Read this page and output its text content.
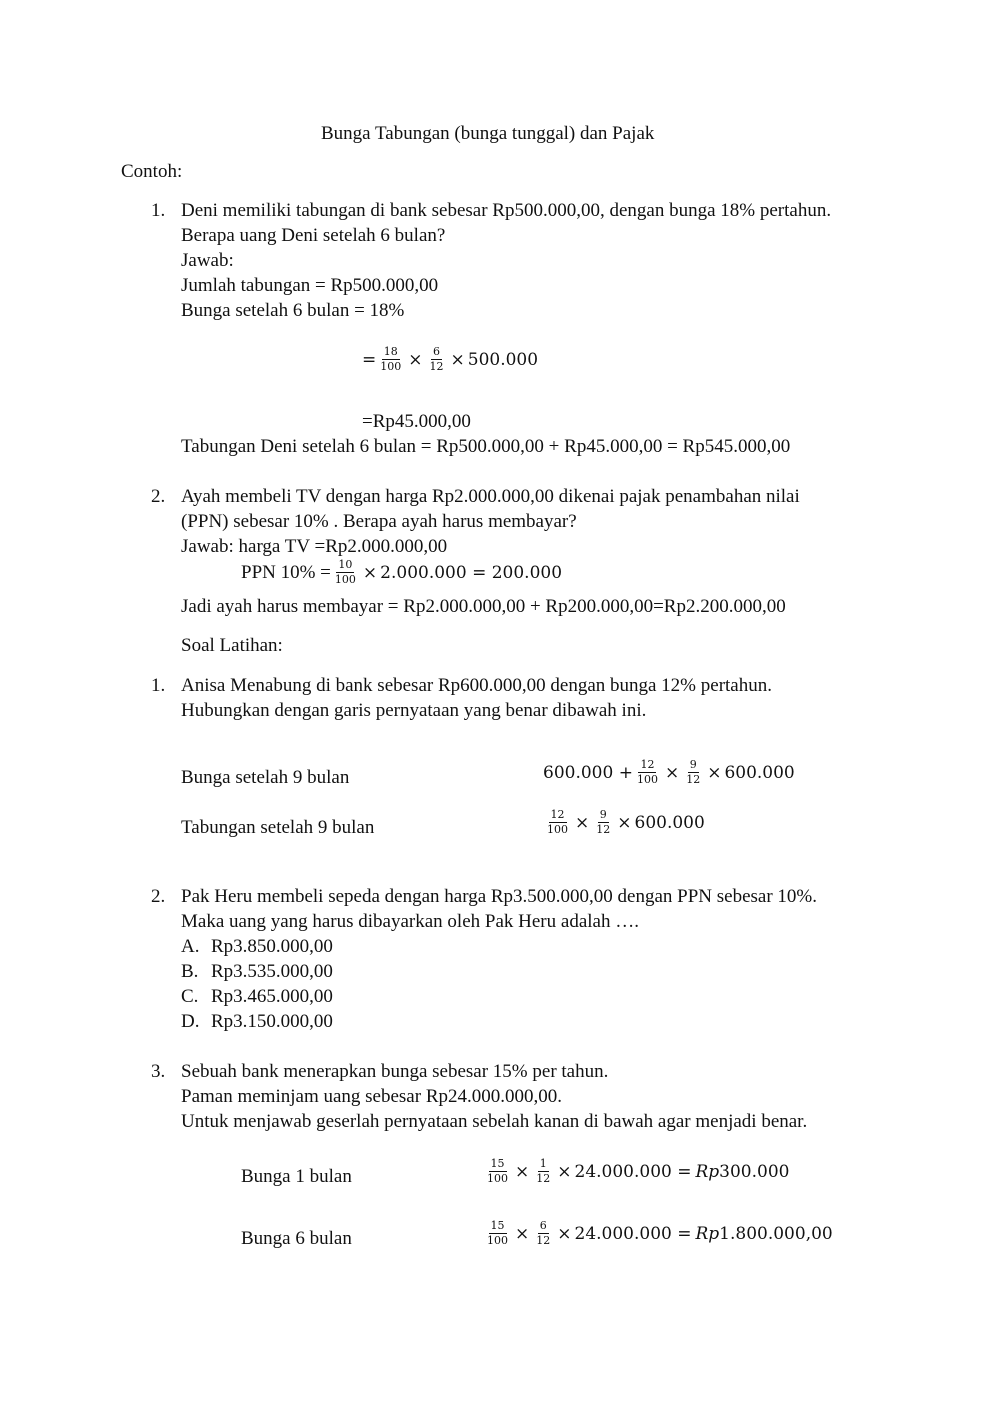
Bunga Tabungan (bunga tunggal) dan Pajak
Contoh:
1. Deni memiliki tabungan di bank sebesar Rp500.000,00, dengan bunga 18% pertahun.
Berapa uang Deni setelah 6 bulan?
Jawab:
Jumlah tabungan = Rp500.000,00
Bunga setelah 6 bulan = 18%
= $\frac{18}{100} \times \frac{6}{12} \times 500.000$
=Rp45.000,00
Tabungan Deni setelah 6 bulan = Rp500.000,00 + Rp45.000,00 = Rp545.000,00
2. Ayah membeli TV dengan harga Rp2.000.000,00 dikenai pajak penambahan nilai
(PPN) sebesar 10% . Berapa ayah harus membayar?
Jawab: harga TV =Rp2.000.000,00
PPN $10\% = \frac{10}{100} \times 2.000.000 = 200.000$
Jadi ayah harus membayar = Rp2.000.000,00 + Rp200.000,00=Rp2.200.000,00
Soal Latihan:
1. Anisa Menabung di bank sebesar Rp600.000,00 dengan bunga 12% pertahun.
Hubungkan dengan garis pernyataan yang benar dibawah ini.
Bunga setelah 9 bulan	$600.000 + \frac{12}{100} \times \frac{9}{12} \times 600.000$
Tabungan setelah 9 bulan	$\frac{12}{100} \times \frac{9}{12} \times 600.000$
2. Pak Heru membeli sepeda dengan harga Rp3.500.000,00 dengan PPN sebesar 10%.
Maka uang yang harus dibayarkan oleh Pak Heru adalah ….
A. Rp3.850.000,00
B. Rp3.535.000,00
C. Rp3.465.000,00
D. Rp3.150.000,00
3. Sebuah bank menerapkan bunga sebesar 15% per tahun.
Paman meminjam uang sebesar Rp24.000.000,00.
Untuk menjawab geserlah pernyataan sebelah kanan di bawah agar menjadi benar.
Bunga 1 bulan	$\frac{15}{100} \times \frac{1}{12} \times 24.000.000 = Rp$ 300.000
Bunga 6 bulan	$\frac{15}{100} \times \frac{6}{12} \times 24.000.000 = Rp$ 1.800.000,00
